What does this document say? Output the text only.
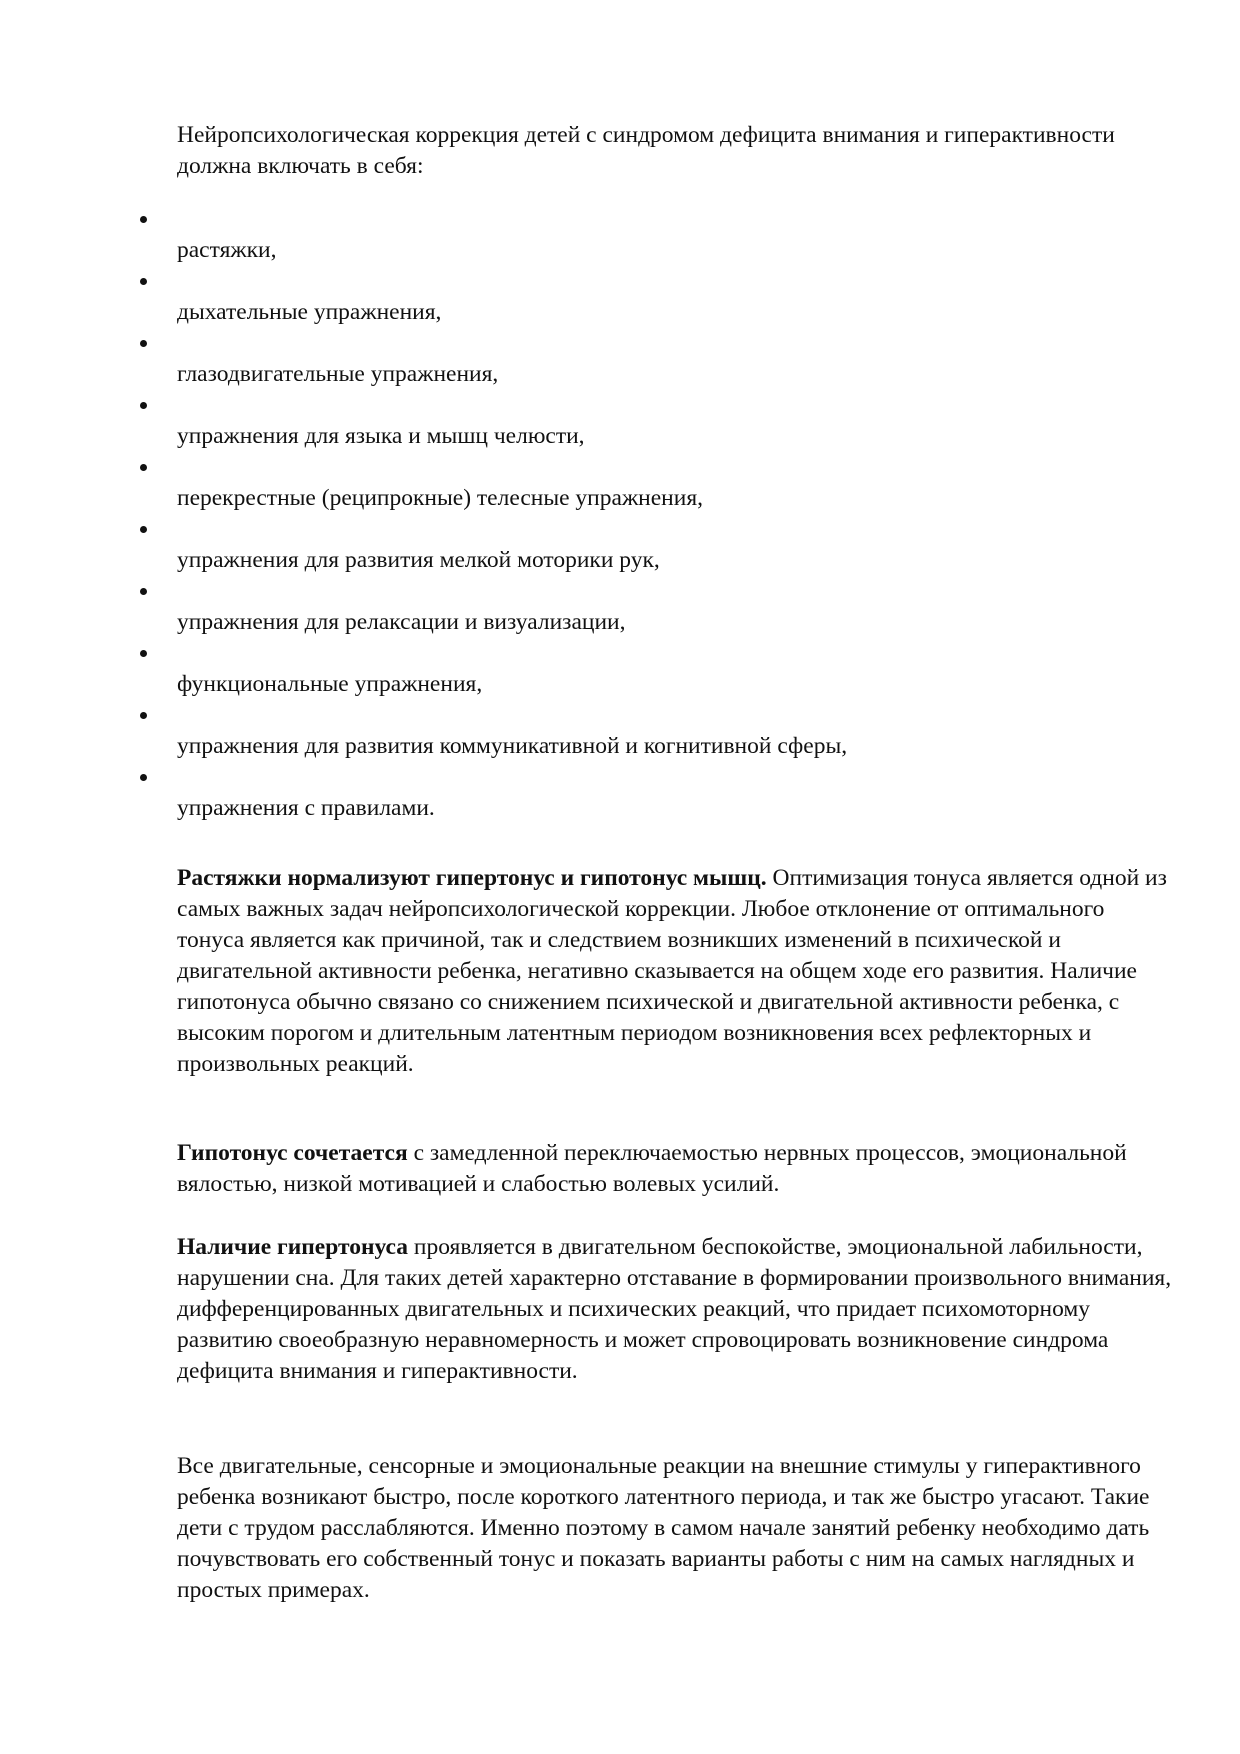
Нейропсихологическая коррекция детей с синдромом дефицита внимания и гиперактивности должна включать в себя:

растяжки,
дыхательные упражнения,
глазодвигательные упражнения,
упражнения для языка и мышц челюсти,
перекрестные (реципрокные) телесные упражнения,
упражнения для развития мелкой моторики рук,
упражнения для релаксации и визуализации,
функциональные упражнения,
упражнения для развития коммуникативной и когнитивной сферы,
упражнения с правилами.

Растяжки нормализуют гипертонус и гипотонус мышц. Оптимизация тонуса является одной из самых важных задач нейропсихологической коррекции. Любое отклонение от оптимального тонуса является как причиной, так и следствием возникших изменений в психической и двигательной активности ребенка, негативно сказывается на общем ходе его развития. Наличие гипотонуса обычно связано со снижением психической и двигательной активности ребенка, с высоким порогом и длительным латентным периодом возникновения всех рефлекторных и произвольных реакций.

Гипотонус сочетается с замедленной переключаемостью нервных процессов, эмоциональной вялостью, низкой мотивацией и слабостью волевых усилий.

Наличие гипертонуса проявляется в двигательном беспокойстве, эмоциональной лабильности, нарушении сна. Для таких детей характерно отставание в формировании произвольного внимания, дифференцированных двигательных и психических реакций, что придает психомоторному развитию своеобразную неравномерность и может спровоцировать возникновение синдрома дефицита внимания и гиперактивности.

Все двигательные, сенсорные и эмоциональные реакции на внешние стимулы у гиперактивного ребенка возникают быстро, после короткого латентного периода, и так же быстро угасают. Такие дети с трудом расслабляются. Именно поэтому в самом начале занятий ребенку необходимо дать почувствовать его собственный тонус и показать варианты работы с ним на самых наглядных и простых примерах.
